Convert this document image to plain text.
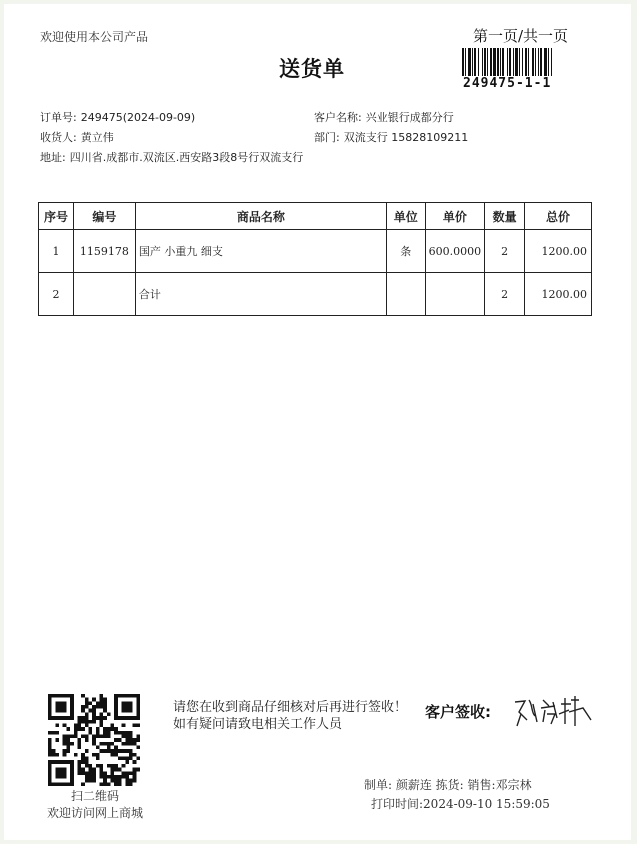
欢迎使用本公司产品
送货单
第一页/共一页
249475-1-1
订单号: 249475(2024-09-09)	客户名称: 兴业银行成都分行
收货人: 黄立伟	部门: 双流支行 15828109211
地址: 四川省.成都市.双流区.西安路3段8号行双流支行
序号	编号	商品名称	单位	单价	数量	总价
1	1159178	国产 小重九 细支	条	600.0000	2	1200.00
2		合计			2	1200.00
扫二维码
欢迎访问网上商城
请您在收到商品仔细核对后再进行签收！如有疑问请致电相关工作人员
客户签收:
制单: 颜薪连 拣货: 销售:邓宗林
打印时间:2024-09-10 15:59:05
